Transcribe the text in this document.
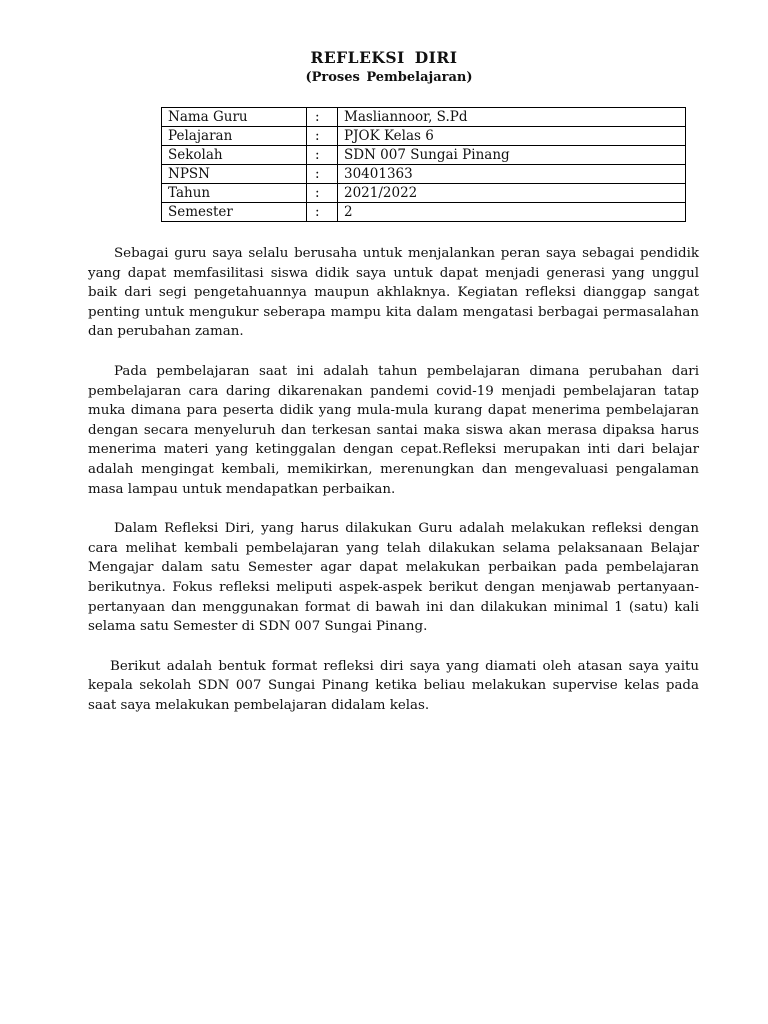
REFLEKSI DIRI
(Proses Pembelajaran)
Nama Guru	:	Masliannoor, S.Pd
Pelajaran	:	PJOK Kelas 6
Sekolah	:	SDN 007 Sungai Pinang
NPSN	:	30401363
Tahun	:	2021/2022
Semester	:	2

Sebagai guru saya selalu berusaha untuk menjalankan peran saya sebagai pendidik yang dapat memfasilitasi siswa didik saya untuk dapat menjadi generasi yang unggul baik dari segi pengetahuannya maupun akhlaknya. Kegiatan refleksi dianggap sangat penting untuk mengukur seberapa mampu kita dalam mengatasi berbagai permasalahan dan perubahan zaman.

Pada pembelajaran saat ini adalah tahun pembelajaran dimana perubahan dari pembelajaran cara daring dikarenakan pandemi covid-19 menjadi pembelajaran tatap muka dimana para peserta didik yang mula-mula kurang dapat menerima pembelajaran dengan secara menyeluruh dan terkesan santai maka siswa akan merasa dipaksa harus menerima materi yang ketinggalan dengan cepat.Refleksi merupakan inti dari belajar adalah mengingat kembali, memikirkan, merenungkan dan mengevaluasi pengalaman masa lampau untuk mendapatkan perbaikan.

Dalam Refleksi Diri, yang harus dilakukan Guru adalah melakukan refleksi dengan cara melihat kembali pembelajaran yang telah dilakukan selama pelaksanaan Belajar Mengajar dalam satu Semester agar dapat melakukan perbaikan pada pembelajaran berikutnya. Fokus refleksi meliputi aspek-aspek berikut dengan menjawab pertanyaan-pertanyaan dan menggunakan format di bawah ini dan dilakukan minimal 1 (satu) kali selama satu Semester di SDN 007 Sungai Pinang.

Berikut adalah bentuk format refleksi diri saya yang diamati oleh atasan saya yaitu kepala sekolah SDN 007 Sungai Pinang ketika beliau melakukan supervise kelas pada saat saya melakukan pembelajaran didalam kelas.
